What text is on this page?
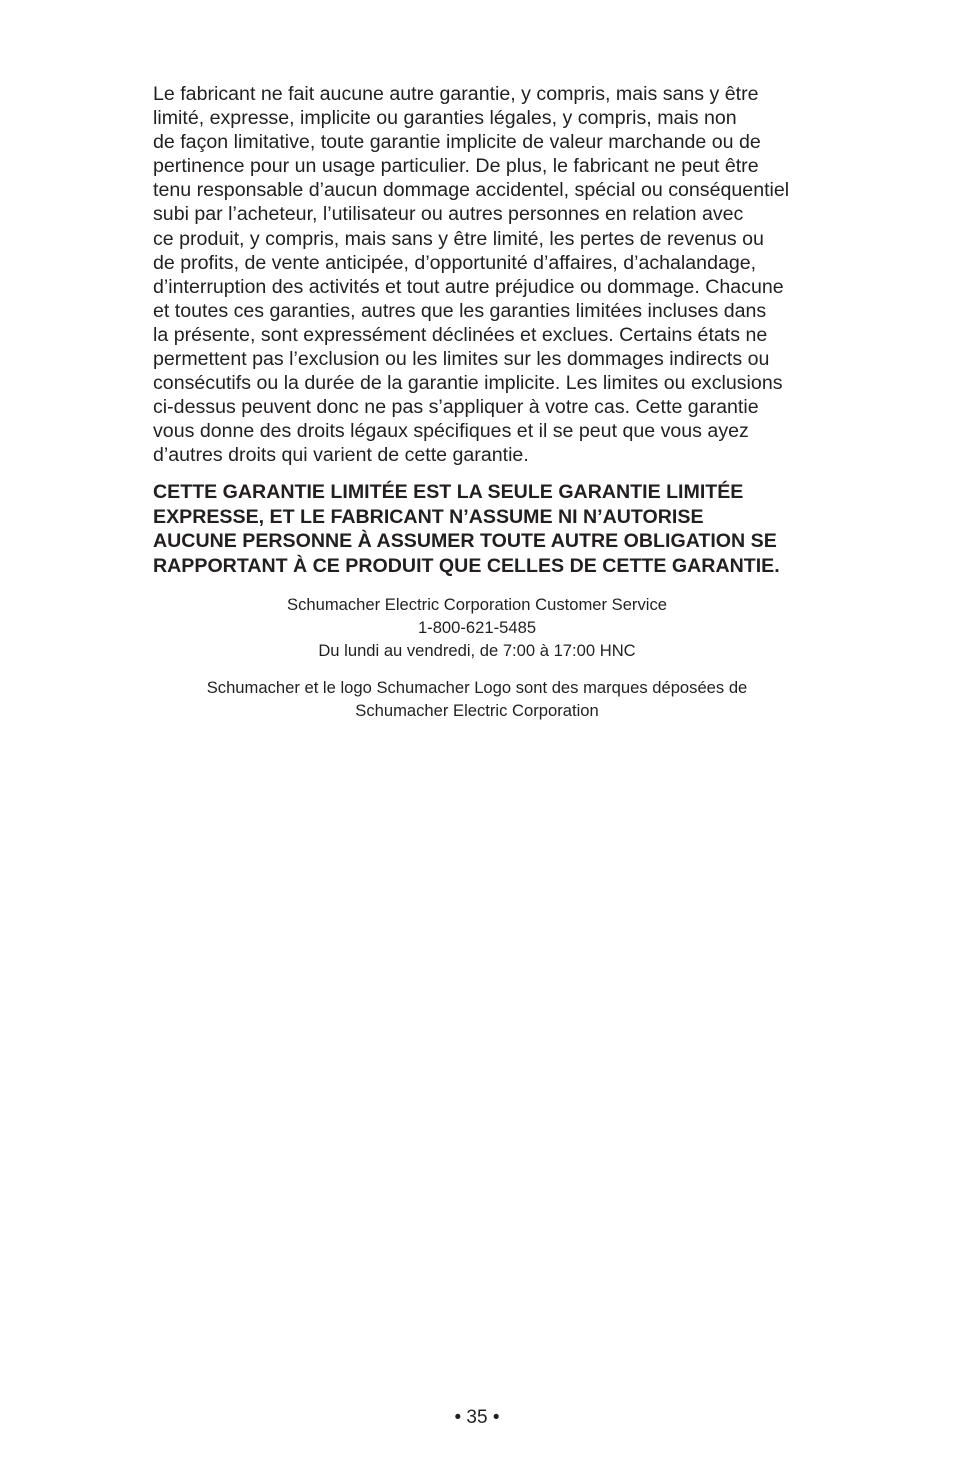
Le fabricant ne fait aucune autre garantie, y compris, mais sans y être
limité, expresse, implicite ou garanties légales, y compris, mais non
de façon limitative, toute garantie implicite de valeur marchande ou de
pertinence pour un usage particulier. De plus, le fabricant ne peut être
tenu responsable d’aucun dommage accidentel, spécial ou conséquentiel
subi par l’acheteur, l’utilisateur ou autres personnes en relation avec
ce produit, y compris, mais sans y être limité, les pertes de revenus ou
de profits, de vente anticipée, d’opportunité d’affaires, d’achalandage,
d’interruption des activités et tout autre préjudice ou dommage. Chacune
et toutes ces garanties, autres que les garanties limitées incluses dans
la présente, sont expressément déclinées et exclues. Certains états ne
permettent pas l’exclusion ou les limites sur les dommages indirects ou
consécutifs ou la durée de la garantie implicite. Les limites ou exclusions
ci-dessus peuvent donc ne pas s’appliquer à votre cas. Cette garantie
vous donne des droits légaux spécifiques et il se peut que vous ayez
d’autres droits qui varient de cette garantie.

CETTE GARANTIE LIMITÉE EST LA SEULE GARANTIE LIMITÉE
EXPRESSE, ET LE FABRICANT N’ASSUME NI N’AUTORISE
AUCUNE PERSONNE À ASSUMER TOUTE AUTRE OBLIGATION SE
RAPPORTANT À CE PRODUIT QUE CELLES DE CETTE GARANTIE.

Schumacher Electric Corporation Customer Service
1-800-621-5485
Du lundi au vendredi, de 7:00 à 17:00 HNC
Schumacher et le logo Schumacher Logo sont des marques déposées de
Schumacher Electric Corporation
• 35 •
